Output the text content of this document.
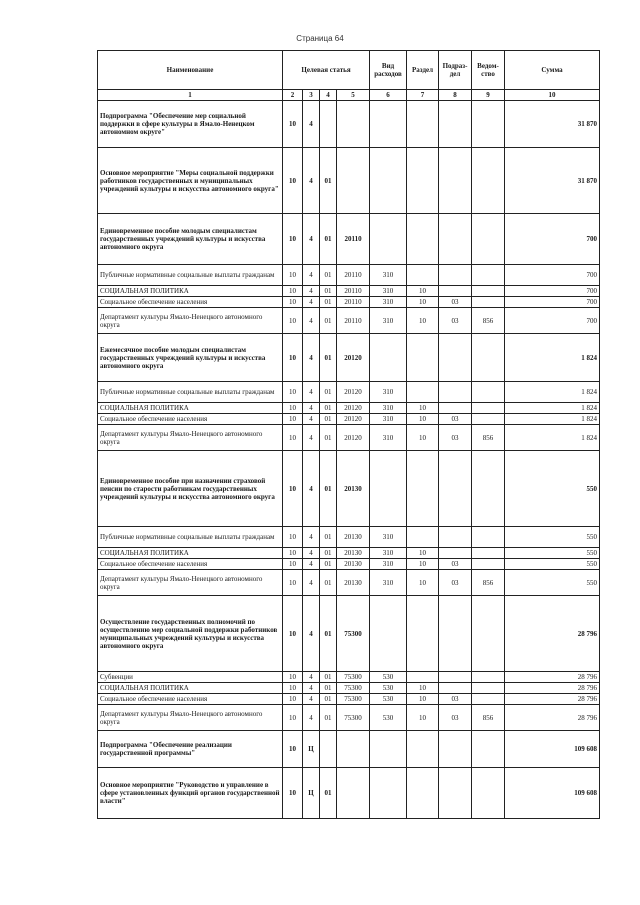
Страница 64
Наименование	Целевая статья				Вид расходов	Раздел	Подраз-дел	Ведом-ство	Сумма
1	2	3	4	5	6	7	8	9	10
Подпрограмма "Обеспечение мер социальной поддержки в сфере культуры в Ямало-Ненецком автономном округе"	10	4							31 870
Основное мероприятие "Меры социальной поддержки работников государственных и муниципальных учреждений культуры и искусства автономного округа"	10	4	01						31 870
Единовременное пособие молодым специалистам государственных учреждений культуры и искусства автономного округа	10	4	01	20110					700
Публичные нормативные социальные выплаты гражданам	10	4	01	20110	310				700
СОЦИАЛЬНАЯ ПОЛИТИКА	10	4	01	20110	310	10			700
Социальное обеспечение населения	10	4	01	20110	310	10	03		700
Департамент культуры Ямало-Ненецкого автономного округа	10	4	01	20110	310	10	03	856	700
Ежемесячное пособие молодым специалистам государственных учреждений культуры и искусства автономного округа	10	4	01	20120					1 824
Публичные нормативные социальные выплаты гражданам	10	4	01	20120	310				1 824
СОЦИАЛЬНАЯ ПОЛИТИКА	10	4	01	20120	310	10			1 824
Социальное обеспечение населения	10	4	01	20120	310	10	03		1 824
Департамент культуры Ямало-Ненецкого автономного округа	10	4	01	20120	310	10	03	856	1 824
Единовременное пособие при назначении страховой пенсии по старости работникам государственных учреждений культуры и искусства автономного округа	10	4	01	20130					550
Публичные нормативные социальные выплаты гражданам	10	4	01	20130	310				550
СОЦИАЛЬНАЯ ПОЛИТИКА	10	4	01	20130	310	10			550
Социальное обеспечение населения	10	4	01	20130	310	10	03		550
Департамент культуры Ямало-Ненецкого автономного округа	10	4	01	20130	310	10	03	856	550
Осуществление государственных полномочий по осуществлению мер социальной поддержки работников муниципальных учреждений культуры и искусства автономного округа	10	4	01	75300					28 796
Субвенции	10	4	01	75300	530				28 796
СОЦИАЛЬНАЯ ПОЛИТИКА	10	4	01	75300	530	10			28 796
Социальное обеспечение населения	10	4	01	75300	530	10	03		28 796
Департамент культуры Ямало-Ненецкого автономного округа	10	4	01	75300	530	10	03	856	28 796
Подпрограмма "Обеспечение реализации государственной программы"	10	Ц							109 608
Основное мероприятие "Руководство и управление в сфере установленных функций органов государственной власти"	10	Ц	01						109 608
